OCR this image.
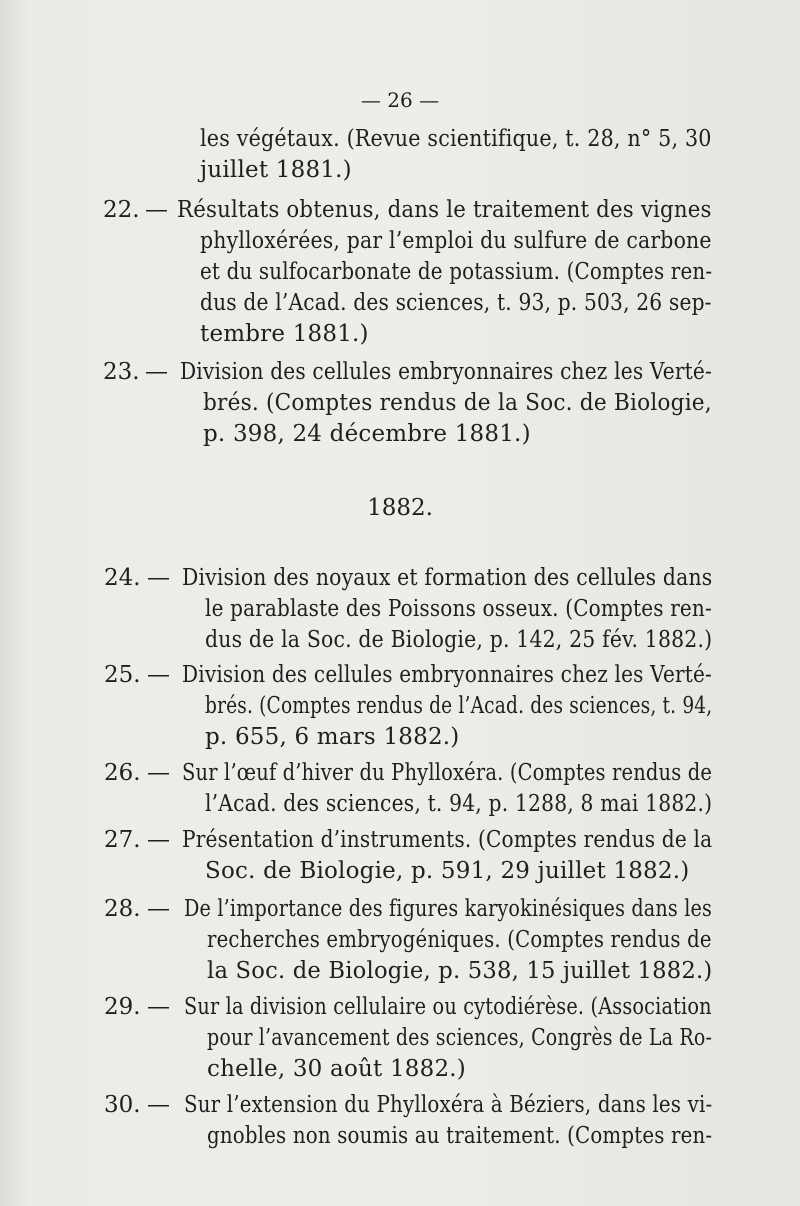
— 26 —
les végétaux. (Revue scientifique, t. 28, n° 5, 30
juillet 1881.)
22. — Résultats obtenus, dans le traitement des vignes
phylloxérées, par l’emploi du sulfure de carbone
et du sulfocarbonate de potassium. (Comptes ren-
dus de l’Acad. des sciences, t. 93, p. 503, 26 sep-
tembre 1881.)
23. — Division des cellules embryonnaires chez les Verté-
brés. (Comptes rendus de la Soc. de Biologie,
p. 398, 24 décembre 1881.)
1882.
24. — Division des noyaux et formation des cellules dans
le parablaste des Poissons osseux. (Comptes ren-
dus de la Soc. de Biologie, p. 142, 25 fév. 1882.)
25. — Division des cellules embryonnaires chez les Verté-
brés. (Comptes rendus de l’Acad. des sciences, t. 94,
p. 655, 6 mars 1882.)
26. — Sur l’œuf d’hiver du Phylloxéra. (Comptes rendus de
l’Acad. des sciences, t. 94, p. 1288, 8 mai 1882.)
27. — Présentation d’instruments. (Comptes rendus de la
Soc. de Biologie, p. 591, 29 juillet 1882.)
28. — De l’importance des figures karyokinésiques dans les
recherches embryogéniques. (Comptes rendus de
la Soc. de Biologie, p. 538, 15 juillet 1882.)
29. — Sur la division cellulaire ou cytodiérèse. (Association
pour l’avancement des sciences, Congrès de La Ro-
chelle, 30 août 1882.)
30. — Sur l’extension du Phylloxéra à Béziers, dans les vi-
gnobles non soumis au traitement. (Comptes ren-
